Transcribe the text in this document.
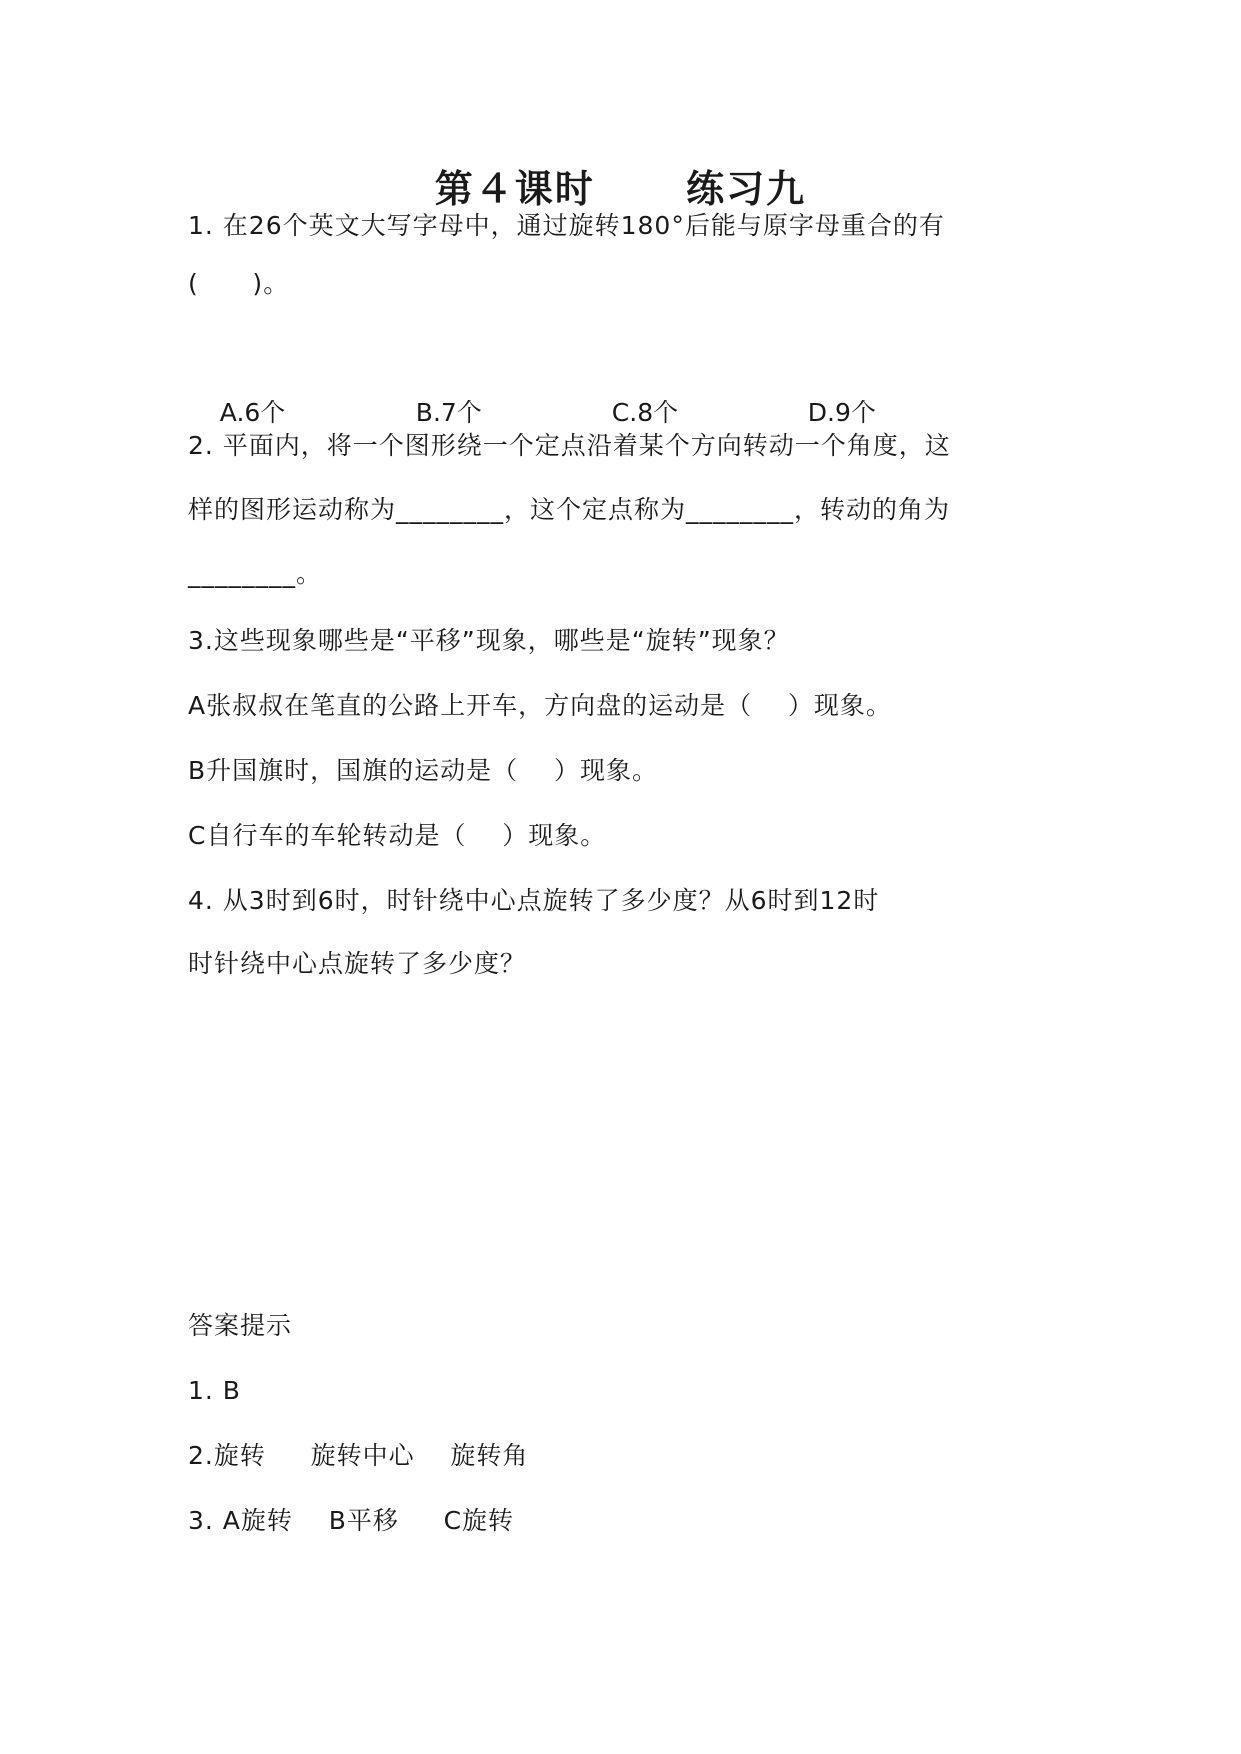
第４课时      练习九
1. 在26个英文大写字母中，通过旋转180°后能与原字母重合的有
(      )。

A.6个	B.7个	C.8个	D.9个

2. 平面内，将一个图形绕一个定点沿着某个方向转动一个角度，这
样的图形运动称为________，这个定点称为________，转动的角为
________。
3.这些现象哪些是“平移”现象，哪些是“旋转”现象？
A张叔叔在笔直的公路上开车，方向盘的运动是（    ）现象。
B升国旗时，国旗的运动是（    ）现象。
C自行车的车轮转动是（    ）现象。
4. 从3时到6时，时针绕中心点旋转了多少度？从6时到12时
时针绕中心点旋转了多少度？
答案提示
1. B
2.旋转     旋转中心    旋转角
3. A旋转    B平移     C旋转
